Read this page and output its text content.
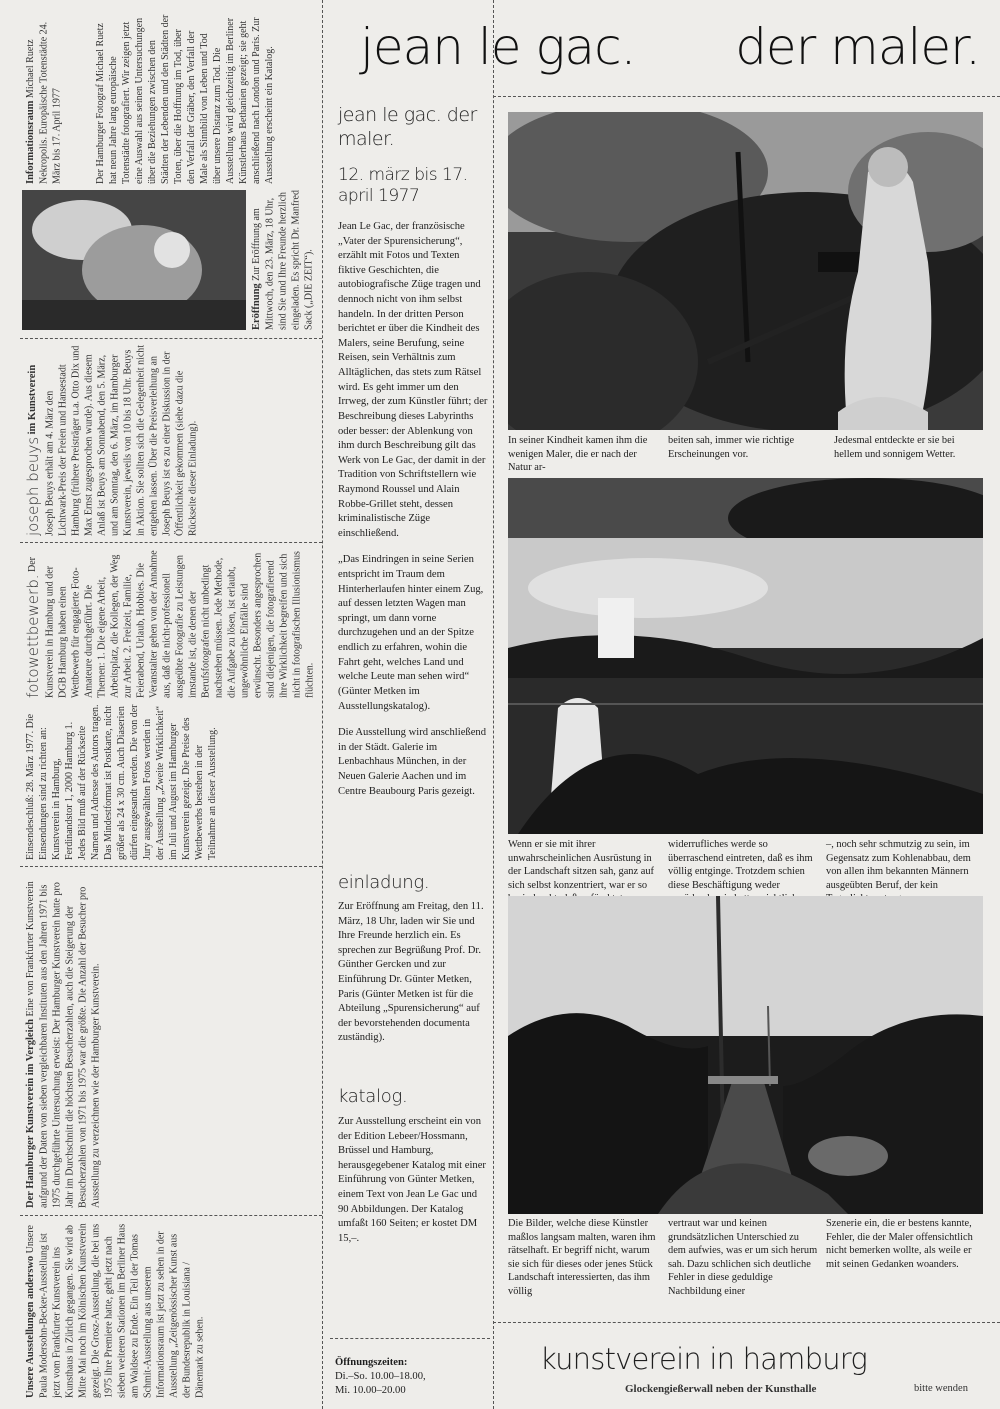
jean le gac. der maler.
jean le gac. der maler.
12. märz bis 17. april 1977

Jean Le Gac, der französische „Vater der Spurensicherung“, erzählt mit Fotos und Texten fiktive Geschichten, die autobiografische Züge tragen und dennoch nicht von ihm selbst handeln. In der dritten Person berichtet er über die Kindheit des Malers, seine Berufung, seine Reisen, sein Verhältnis zum Alltäglichen, das stets zum Rätsel wird. Es geht immer um den Irrweg, der zum Künstler führt; der Beschreibung dieses Labyrinths oder besser: der Ablenkung von ihm durch Beschreibung gilt das Werk von Le Gac, der damit in der Tradition von Schriftstellern wie Raymond Roussel und Alain Robbe-Grillet steht, dessen kriminalistische Züge einschließend.

„Das Eindringen in seine Serien entspricht im Traum dem Hinterherlaufen hinter einem Zug, auf dessen letzten Wagen man springt, um dann vorne durchzugehen und an der Spitze endlich zu erfahren, wohin die Fahrt geht, welches Land und welche Leute man sehen wird“ (Günter Metken im Ausstellungskatalog).

Die Ausstellung wird anschließend in der Städt. Galerie im Lenbachhaus München, in der Neuen Galerie Aachen und im Centre Beaubourg Paris gezeigt.

einladung.
Zur Eröffnung am Freitag, den 11. März, 18 Uhr, laden wir Sie und Ihre Freunde herzlich ein. Es sprechen zur Begrüßung Prof. Dr. Günther Gercken und zur Einführung Dr. Günter Metken, Paris (Günter Metken ist für die Abteilung „Spurensicherung“ auf der bevorstehenden documenta zuständig).
katalog.
Zur Ausstellung erscheint ein von der Edition Lebeer/Hossmann, Brüssel und Hamburg, herausgegebener Katalog mit einer Einführung von Günter Metken, einem Text von Jean Le Gac und 90 Abbildungen. Der Katalog umfaßt 160 Seiten; er kostet DM 15,–.
Öffnungszeiten:
Di.–So. 10.00–18.00,
Mi. 10.00–20.00
In seiner Kindheit kamen ihm die wenigen Maler, die er nach der Natur ar-
beiten sah, immer wie richtige Erscheinungen vor.
Jedesmal entdeckte er sie bei hellem und sonnigem Wetter.
Wenn er sie mit ihrer unwahrscheinlichen Ausrüstung in der Landschaft sitzen sah, ganz auf sich selbst konzentriert, war er so
widerrufliches werde so überraschend eintreten, daß es ihm völlig entginge. Trotzdem schien diese Beschäftigung weder
–, noch sehr schmutzig zu sein, im Gegensatz zum Kohlenabbau, dem von allen ihm bekannten Männern ausgeübten Beruf, der kein
Die Bilder, welche diese Künstler maßlos langsam malten, waren ihm rätselhaft. Er begriff nicht, warum sie sich für dieses oder jenes Stück Landschaft interessierten, das ihm völlig
vertraut war und keinen grundsätzlichen Unterschied zu dem aufwies, was er um sich herum sah. Dazu schlichen sich deutliche Fehler in diese geduldige Nachbildung einer
Szenerie ein, die er bestens kannte, Fehler, die der Maler offensichtlich nicht bemerken wollte, als weile er mit seinen Gedanken woanders.
Informationsraum Michael Ruetz Nekropolis. Europäische Totenstädte 24. März bis 17. April 1977	Der Hamburger Fotograf Michael Ruetz hat neun Jahre lang europäische Totenstädte fotografiert. Wir zeigen jetzt eine Auswahl aus seinen Untersuchungen über die Beziehungen zwischen den Städten der Lebenden und den Städten der Toten, über die Hoffnung im Tod, über den Verfall der Gräber, den Verfall der Male als Sinnbild von Leben und Tod über unsere Distanz zum Tod. Die Ausstellung wird gleichzeitig im Berliner Künstlerhaus Bethanien gezeigt; sie geht anschließend nach London und Paris. Zur Ausstellung erscheint ein Katalog.
Eröffnung Zur Eröffnung am Mittwoch, den 23. März, 18 Uhr, sind Sie und Ihre Freunde herzlich eingeladen. Es spricht Dr. Manfred Sack („DIE ZEIT“).
joseph beuys im Kunstverein Joseph Beuys erhält am 4. März den Lichtwark-Preis der Freien und Hansestadt Hamburg (frühere Preisträger u.a. Otto Dix und Max Ernst zugesprochen wurde). Aus diesem Anlaß ist Beuys am Sonnabend, den 5. März, und am Sonntag, den 6. März, im Hamburger Kunstverein, jeweils von 10 bis 18 Uhr. Beuys in Aktion. Sie sollten sich die Gelegenheit nicht entgehen lassen. Über die Preisverleihung an Joseph Beuys ist es zu einer Diskussion in der Öffentlichkeit gekommen (siehe dazu die Rückseite dieser Einladung).
fotowettbewerb. Der Kunstverein in Hamburg und der DGB Hamburg haben einen Wettbewerb für engagierte Foto-Amateure durchgeführt. Die Themen: 1. Die eigene Arbeit, Arbeitsplatz, die Kollegen, der Weg zur Arbeit. 2. Freizeit, Familie, Feierabend, Urlaub, Hobbies. Die Veranstalter gehen von der Annahme aus, daß die nicht-professionell ausgeübte Fotografie zu Leistungen imstande ist, die denen der Berufsfotografen nicht unbedingt nachstehen müssen. Jede Methode, die Aufgabe zu lösen, ist erlaubt, ungewöhnliche Einfälle sind erwünscht. Besonders angesprochen sind diejenigen, die fotografierend ihre Wirklichkeit begreifen und sich nicht in fotografischen Illusionismus flüchten.
Einsendeschluß: 28. März 1977. Die Einsendungen sind zu richten an: Kunstverein in Hamburg, Ferdinandstor 1, 2000 Hamburg 1. Jedes Bild muß auf der Rückseite Namen und Adresse des Autors tragen. Das Mindestformat ist Postkarte, nicht größer als 24 x 30 cm. Auch Diaserien dürfen eingesandt werden. Die von der Jury ausgewählten Fotos werden in der Ausstellung „Zweite Wirklichkeit“ im Juli und August im Hamburger Kunstverein gezeigt. Die Preise des Wettbewerbs bestehen in der Teilnahme an dieser Ausstellung.
Der Hamburger Kunstverein im Vergleich Eine von Frankfurter Kunstverein aufgrund der Daten von sieben vergleichbaren Instituten aus den Jahren 1971 bis 1975 durchgeführte Untersuchung erweist: Der Hamburger Kunstverein hatte pro Jahr im Durchschnitt die höchsten Besucherzahlen, auch die Steigerung der Besucherzahlen von 1971 bis 1975 war die größte. Die Anzahl der Besucher pro Ausstellung zu verzeichnen wie der Hamburger Kunstverein.
Unsere Ausstellungen anderswo Unsere Paula Modersohn-Becker-Ausstellung ist jetzt vom Frankfurter Kunstverein ins Kunsthaus in Zürich gegangen. Sie wird ab Mitte Mai noch im Kölnischen Kunstverein gezeigt. Die Grosz-Ausstellung, die bei uns 1975 ihre Premiere hatte, geht jetzt nach sieben weiteren Stationen im Berliner Haus am Waldsee zu Ende. Ein Teil der Tomas Schmit-Ausstellung aus unserem Informationsraum ist jetzt zu sehen in der Ausstellung „Zeitgenössischer Kunst aus der Bundesrepublik in Louisiana / Dänemark zu sehen.	kunstverein in hamburg
Glockengießerwall neben der Kunsthalle	bitte wenden
